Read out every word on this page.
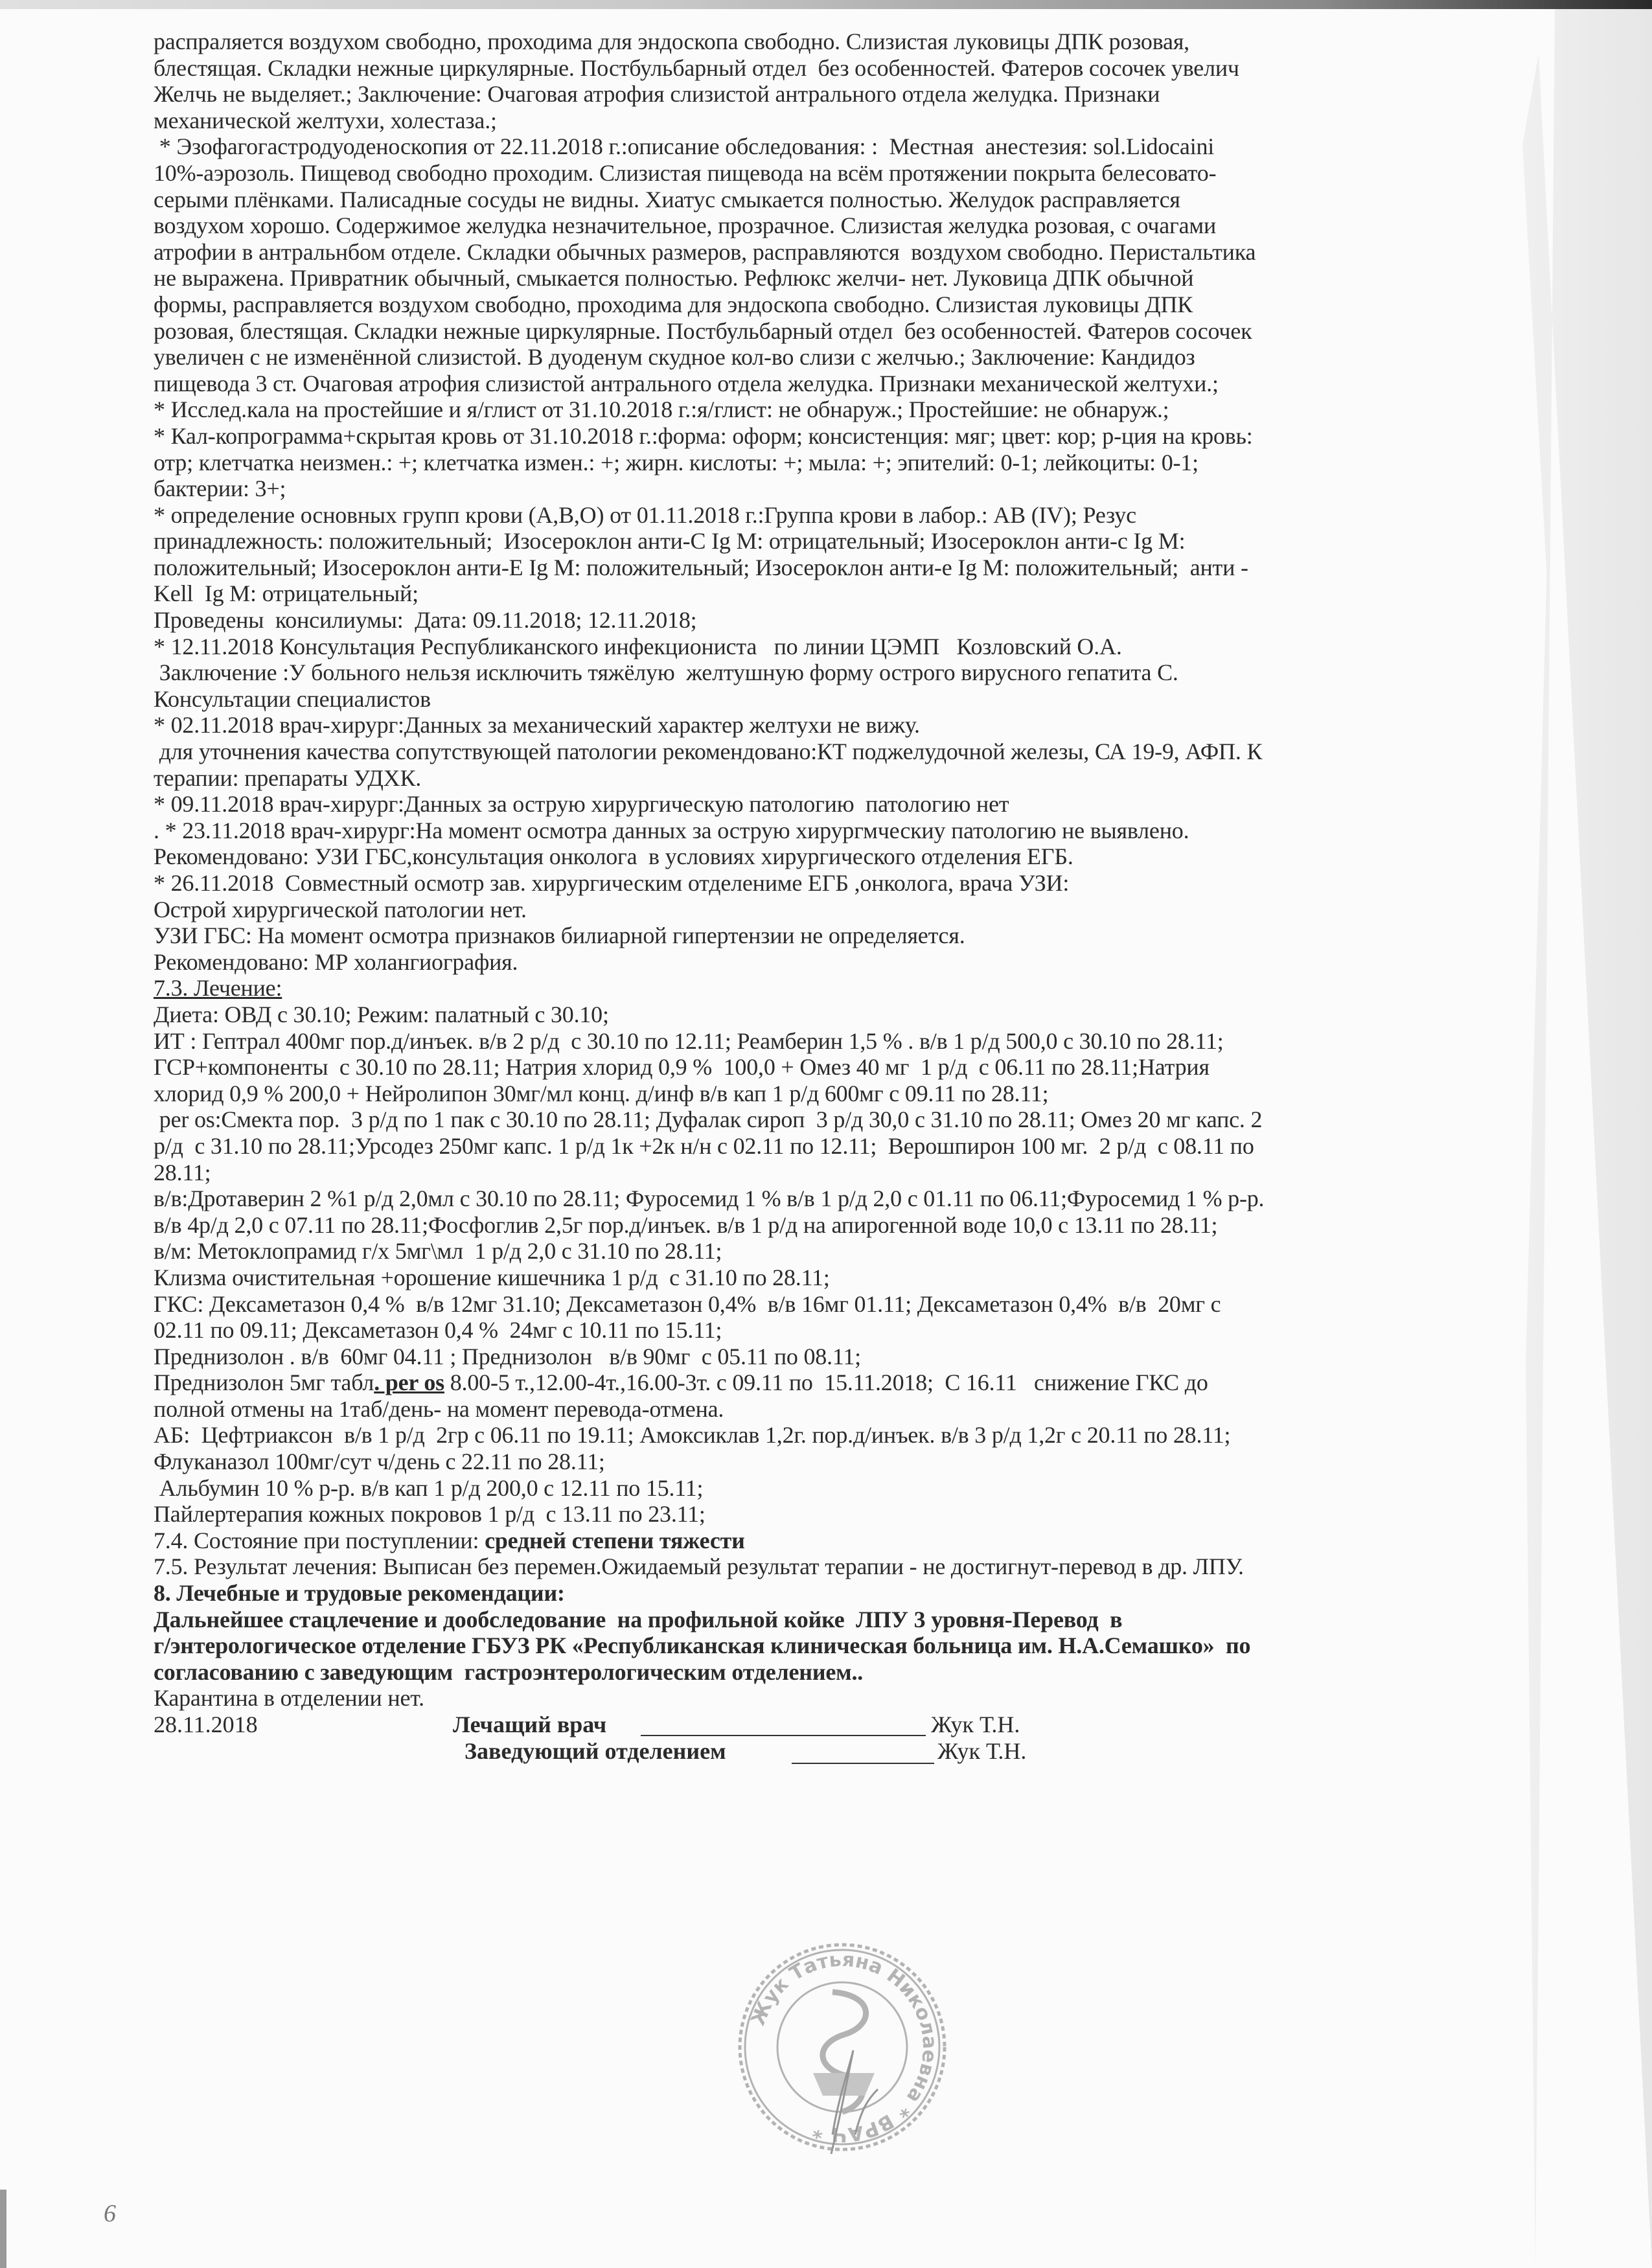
распраляется воздухом свободно, проходима для эндоскопа свободно. Слизистая луковицы ДПК розовая,
блестящая. Складки нежные циркулярные. Постбульбарный отдел  без особенностей. Фатеров сосочек увелич
Желчь не выделяет.; Заключение: Очаговая атрофия слизистой антрального отдела желудка. Признаки
механической желтухи, холестаза.;
* Эзофагогастродуоденоскопия от 22.11.2018 г.:описание обследования: :  Местная  анестезия: sol.Lidocaini
10%-аэрозоль. Пищевод свободно проходим. Слизистая пищевода на всём протяжении покрыта белесовато-
серыми плёнками. Палисадные сосуды не видны. Хиатус смыкается полностью. Желудок расправляется
воздухом хорошо. Содержимое желудка незначительное, прозрачное. Слизистая желудка розовая, с очагами
атрофии в антральнбом отделе. Складки обычных размеров, расправляются  воздухом свободно. Перистальтика
не выражена. Привратник обычный, смыкается полностью. Рефлюкс желчи- нет. Луковица ДПК обычной
формы, расправляется воздухом свободно, проходима для эндоскопа свободно. Слизистая луковицы ДПК
розовая, блестящая. Складки нежные циркулярные. Постбульбарный отдел  без особенностей. Фатеров сосочек
увеличен с не изменённой слизистой. В дуоденум скудное кол-во слизи с желчью.; Заключение: Кандидоз
пищевода 3 ст. Очаговая атрофия слизистой антрального отдела желудка. Признаки механической желтухи.;
* Исслед.кала на простейшие и я/глист от 31.10.2018 г.:я/глист: не обнаруж.; Простейшие: не обнаруж.;
* Кал-копрограмма+скрытая кровь от 31.10.2018 г.:форма: оформ; консистенция: мяг; цвет: кор; р-ция на кровь:
отр; клетчатка неизмен.: +; клетчатка измен.: +; жирн. кислоты: +; мыла: +; эпителий: 0-1; лейкоциты: 0-1;
бактерии: 3+;
* определение основных групп крови (А,В,О) от 01.11.2018 г.:Группа крови в лабор.: АВ (IV); Резус
принадлежность: положительный;  Изосероклон анти-С Ig M: отрицательный; Изосероклон анти-с Ig M:
положительный; Изосероклон анти-Е Ig M: положительный; Изосероклон анти-е Ig M: положительный;  анти -
Kell  Ig M: отрицательный;
Проведены  консилиумы:  Дата: 09.11.2018; 12.11.2018;
* 12.11.2018 Консультация Республиканского инфекциониста   по линии ЦЭМП   Козловский О.А.
Заключение :У больного нельзя исключить тяжёлую  желтушную форму острого вирусного гепатита С.
Консультации специалистов
* 02.11.2018 врач-хирург:Данных за механический характер желтухи не вижу.
для уточнения качества сопутствующей патологии рекомендовано:КТ поджелудочной железы, СА 19-9, АФП. К
терапии: препараты УДХК.
* 09.11.2018 врач-хирург:Данных за острую хирургическую патологию  патологию нет
. * 23.11.2018 врач-хирург:На момент осмотра данных за острую хирургмческиу патологию не выявлено.
Рекомендовано: УЗИ ГБС,консультация онколога  в условиях хирургического отделения ЕГБ.
* 26.11.2018  Совместный осмотр зав. хирургическим отделениме ЕГБ ,онколога, врача УЗИ:
Острой хирургической патологии нет.
УЗИ ГБС: На момент осмотра признаков билиарной гипертензии не определяется.
Рекомендовано: МР холангиография.
7.3. Лечение:
Диета: ОВД с 30.10; Режим: палатный с 30.10;
ИТ : Гептрал 400мг пор.д/инъек. в/в 2 р/д  с 30.10 по 12.11; Реамберин 1,5 % . в/в 1 р/д 500,0 с 30.10 по 28.11;
ГСР+компоненты  с 30.10 по 28.11; Натрия хлорид 0,9 %  100,0 + Омез 40 мг  1 р/д  с 06.11 по 28.11;Натрия
хлорид 0,9 % 200,0 + Нейролипон 30мг/мл конц. д/инф в/в кап 1 р/д 600мг с 09.11 по 28.11;
per os:Смекта пор.  3 р/д по 1 пак с 30.10 по 28.11; Дуфалак сироп  3 р/д 30,0 с 31.10 по 28.11; Омез 20 мг капс. 2
р/д  с 31.10 по 28.11;Урсодез 250мг капс. 1 р/д 1к +2к н/н с 02.11 по 12.11;  Верошпирон 100 мг.  2 р/д  с 08.11 по
28.11;
в/в:Дротаверин 2 %1 р/д 2,0мл с 30.10 по 28.11; Фуросемид 1 % в/в 1 р/д 2,0 с 01.11 по 06.11;Фуросемид 1 % р-р.
в/в 4р/д 2,0 с 07.11 по 28.11;Фосфоглив 2,5г пор.д/инъек. в/в 1 р/д на апирогенной воде 10,0 с 13.11 по 28.11;
в/м: Метоклопрамид г/х 5мг\мл  1 р/д 2,0 с 31.10 по 28.11;
Клизма очистительная +орошение кишечника 1 р/д  с 31.10 по 28.11;
ГКС: Дексаметазон 0,4 %  в/в 12мг 31.10; Дексаметазон 0,4%  в/в 16мг 01.11; Дексаметазон 0,4%  в/в  20мг с
02.11 по 09.11; Дексаметазон 0,4 %  24мг с 10.11 по 15.11;
Преднизолон . в/в  60мг 04.11 ; Преднизолон   в/в 90мг  с 05.11 по 08.11;
Преднизолон 5мг табл. per os 8.00-5 т.,12.00-4т.,16.00-3т. с 09.11 по  15.11.2018;  С 16.11   снижение ГКС до
полной отмены на 1таб/день- на момент перевода-отмена.
АБ:  Цефтриаксон  в/в 1 р/д  2гр с 06.11 по 19.11; Амоксиклав 1,2г. пор.д/инъек. в/в 3 р/д 1,2г с 20.11 по 28.11;
Флуканазол 100мг/сут ч/день с 22.11 по 28.11;
Альбумин 10 % р-р. в/в кап 1 р/д 200,0 с 12.11 по 15.11;
Пайлертерапия кожных покровов 1 р/д  с 13.11 по 23.11;
7.4. Состояние при поступлении: средней степени тяжести
7.5. Результат лечения: Выписан без перемен.Ожидаемый результат терапии - не достигнут-перевод в др. ЛПУ.
8. Лечебные и трудовые рекомендации:
Дальнейшее стацлечение и дообследование  на профильной койке  ЛПУ 3 уровня-Перевод  в
г/энтерологическое отделение ГБУЗ РК «Республиканская клиническая больница им. Н.А.Семашко»  по
согласованию с заведующим  гастроэнтерологическим отделением..
Карантина в отделении нет.

28.11.2018

	Лечащий врач

	Жук Т.Н.

Заведующий отделением

	Жук Т.Н.

Жук Татьяна Николаевна * ВРАЧ *
6
